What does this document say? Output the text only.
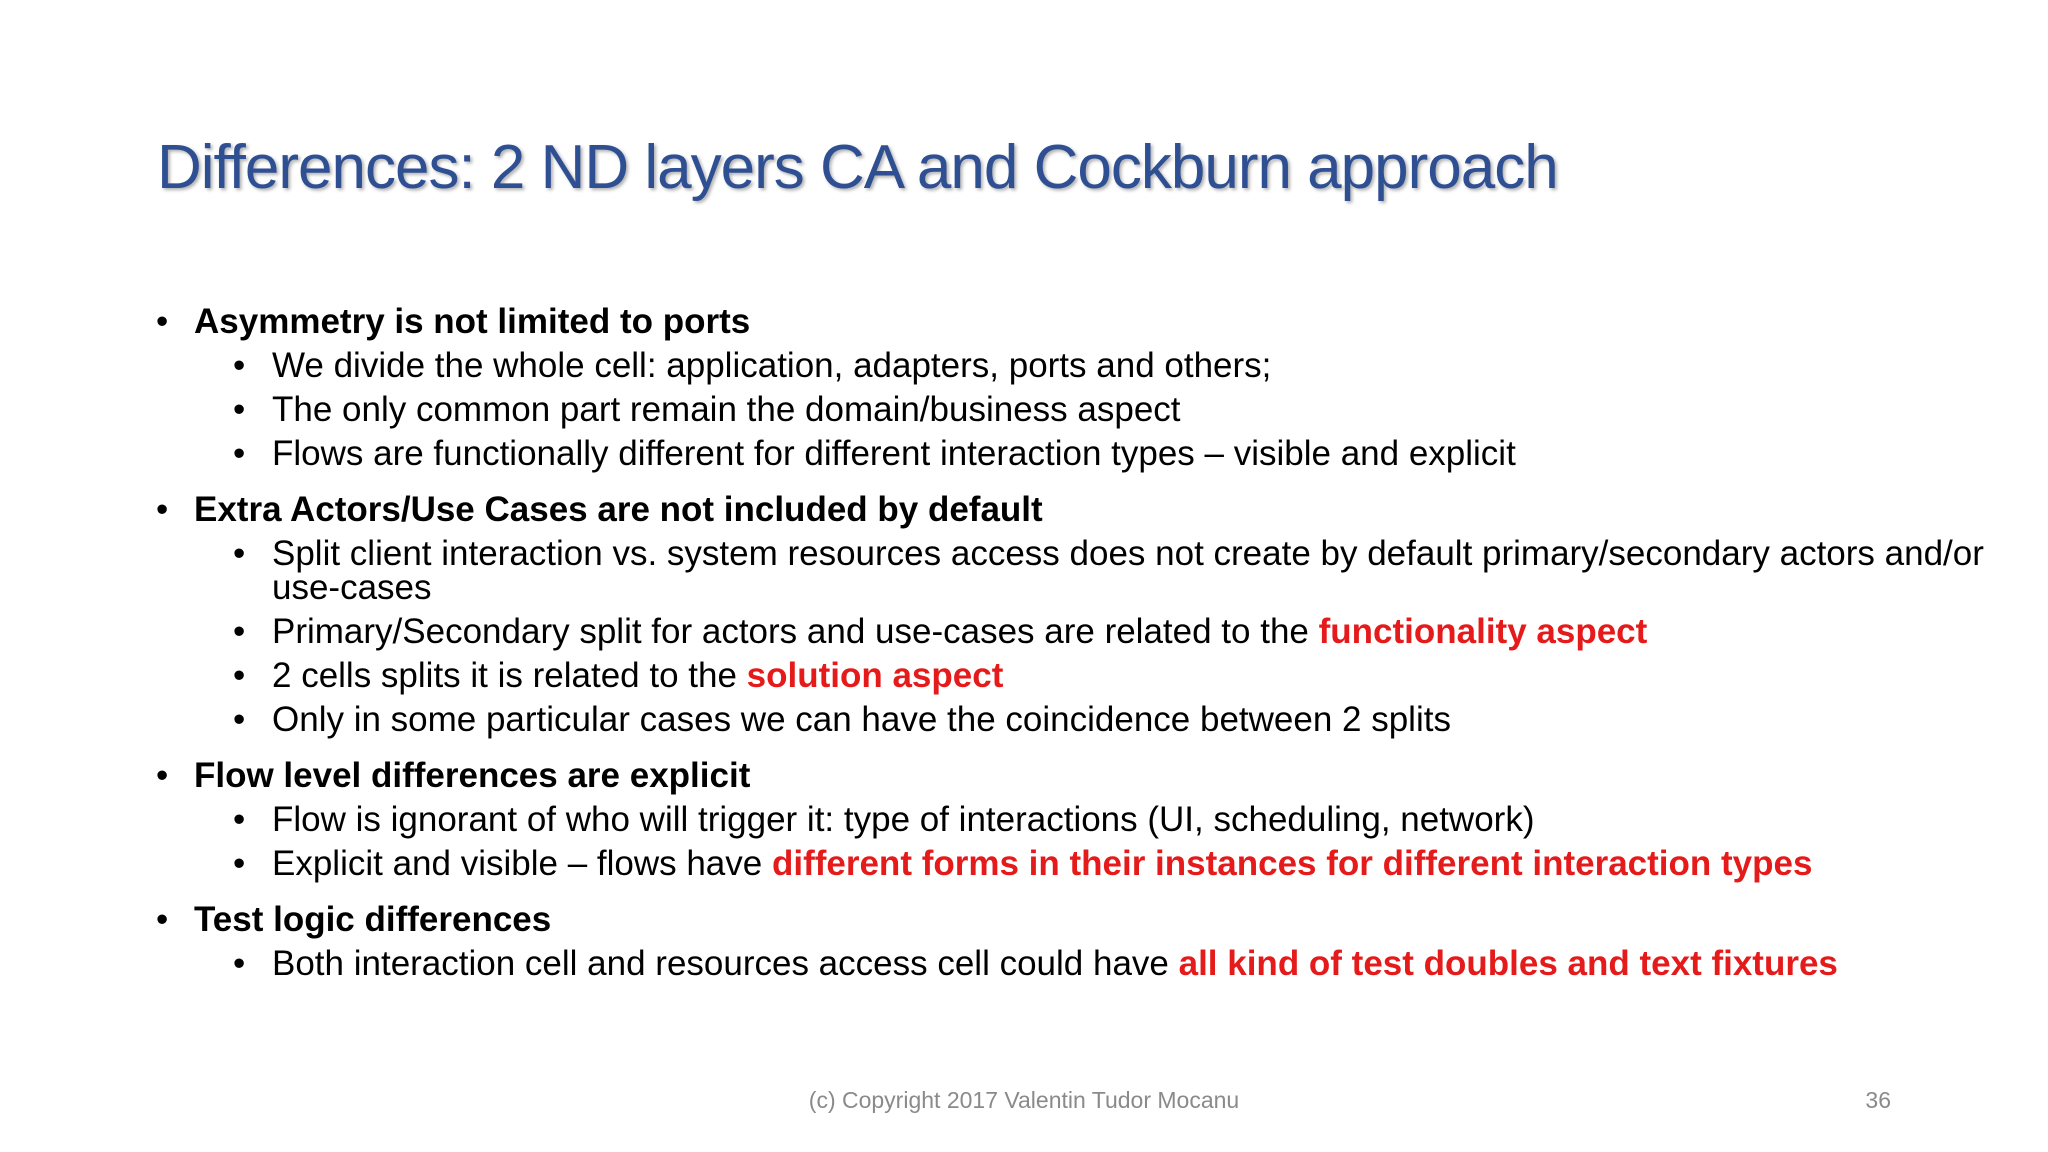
Differences: 2 ND layers CA and Cockburn approach
• Asymmetry is not limited to ports
• We divide the whole cell: application, adapters, ports and others;
• The only common part remain the domain/business aspect
• Flows are functionally different for different interaction types – visible and explicit
• Extra Actors/Use Cases are not included by default
• Split client interaction vs. system resources access does not create by default primary/secondary actors and/or use-cases
• Primary/Secondary split for actors and use-cases are related to the functionality aspect
• 2 cells splits it is related to the solution aspect
• Only in some particular cases we can have the coincidence between 2 splits
• Flow level differences are explicit
• Flow is ignorant of who will trigger it: type of interactions (UI, scheduling, network)
• Explicit and visible – flows have different forms in their instances for different interaction types
• Test logic differences
• Both interaction cell and resources access cell could have all kind of test doubles and text fixtures
(c) Copyright 2017 Valentin Tudor Mocanu	36
